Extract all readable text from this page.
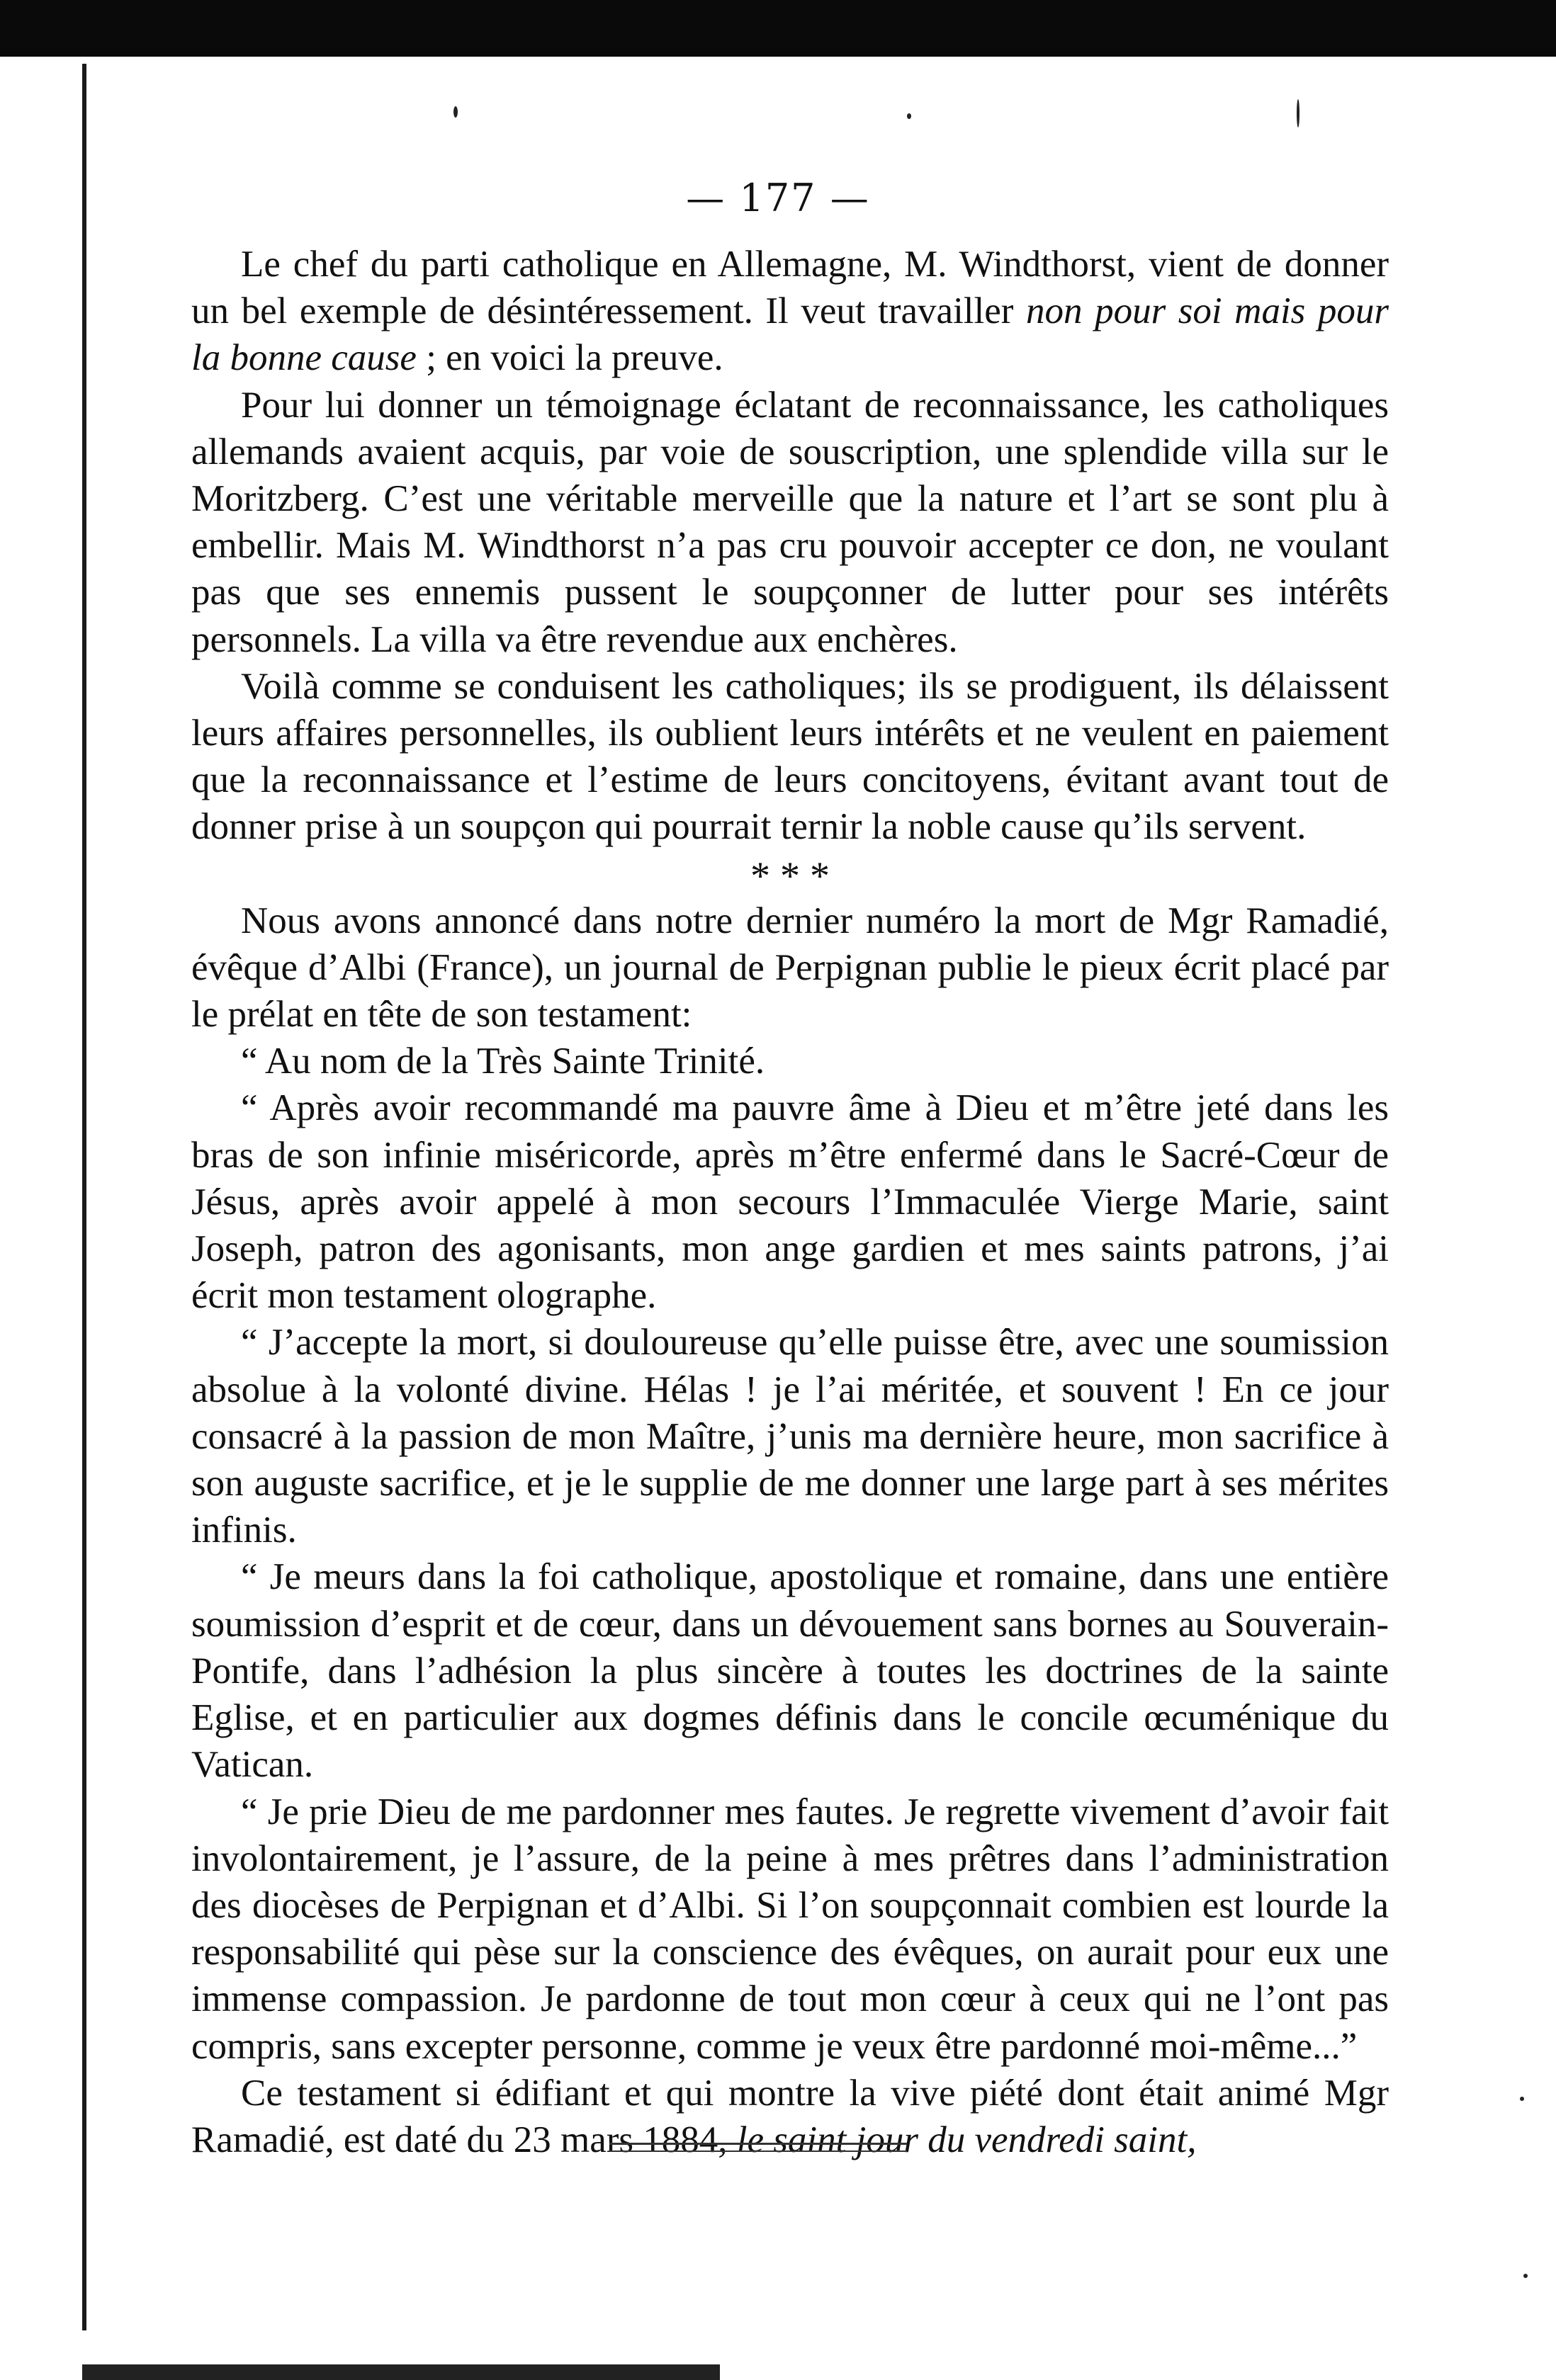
— 177 —

Le chef du parti catholique en Allemagne, M. Windthorst, vient de donner un bel exemple de désintéressement. Il veut travailler non pour soi mais pour la bonne cause ; en voici la preuve.

Pour lui donner un témoignage éclatant de reconnaissance, les catholiques allemands avaient acquis, par voie de souscription, une splendide villa sur le Moritzberg. C’est une véritable merveille que la nature et l’art se sont plu à embellir. Mais M. Windthorst n’a pas cru pouvoir accepter ce don, ne voulant pas que ses ennemis pussent le soupçonner de lutter pour ses intérêts personnels. La villa va être revendue aux enchères.

Voilà comme se conduisent les catholiques; ils se prodiguent, ils délaissent leurs affaires personnelles, ils oublient leurs intérêts et ne veulent en paiement que la reconnaissance et l’estime de leurs concitoyens, évitant avant tout de donner prise à un soupçon qui pourrait ternir la noble cause qu’ils servent.

* * *

Nous avons annoncé dans notre dernier numéro la mort de Mgr Ramadié, évêque d’Albi (France), un journal de Perpignan publie le pieux écrit placé par le prélat en tête de son testament:

“ Au nom de la Très Sainte Trinité.

“ Après avoir recommandé ma pauvre âme à Dieu et m’être jeté dans les bras de son infinie miséricorde, après m’être enfermé dans le Sacré-Cœur de Jésus, après avoir appelé à mon secours l’Immaculée Vierge Marie, saint Joseph, patron des agonisants, mon ange gardien et mes saints patrons, j’ai écrit mon testament olographe.

“ J’accepte la mort, si douloureuse qu’elle puisse être, avec une soumission absolue à la volonté divine. Hélas ! je l’ai méritée, et souvent ! En ce jour consacré à la passion de mon Maître, j’unis ma dernière heure, mon sacrifice à son auguste sacrifice, et je le supplie de me donner une large part à ses mérites infinis.

“ Je meurs dans la foi catholique, apostolique et romaine, dans une entière soumission d’esprit et de cœur, dans un dévouement sans bornes au Souverain-Pontife, dans l’adhésion la plus sincère à toutes les doctrines de la sainte Eglise, et en particulier aux dogmes définis dans le concile œcuménique du Vatican.

“ Je prie Dieu de me pardonner mes fautes. Je regrette vivement d’avoir fait involontairement, je l’assure, de la peine à mes prêtres dans l’administration des diocèses de Perpignan et d’Albi. Si l’on soupçonnait combien est lourde la responsabilité qui pèse sur la conscience des évêques, on aurait pour eux une immense compassion. Je pardonne de tout mon cœur à ceux qui ne l’ont pas compris, sans excepter personne, comme je veux être pardonné moi-même...”

Ce testament si édifiant et qui montre la vive piété dont était animé Mgr Ramadié, est daté du 23 mars 1884, le saint jour du vendredi saint,
